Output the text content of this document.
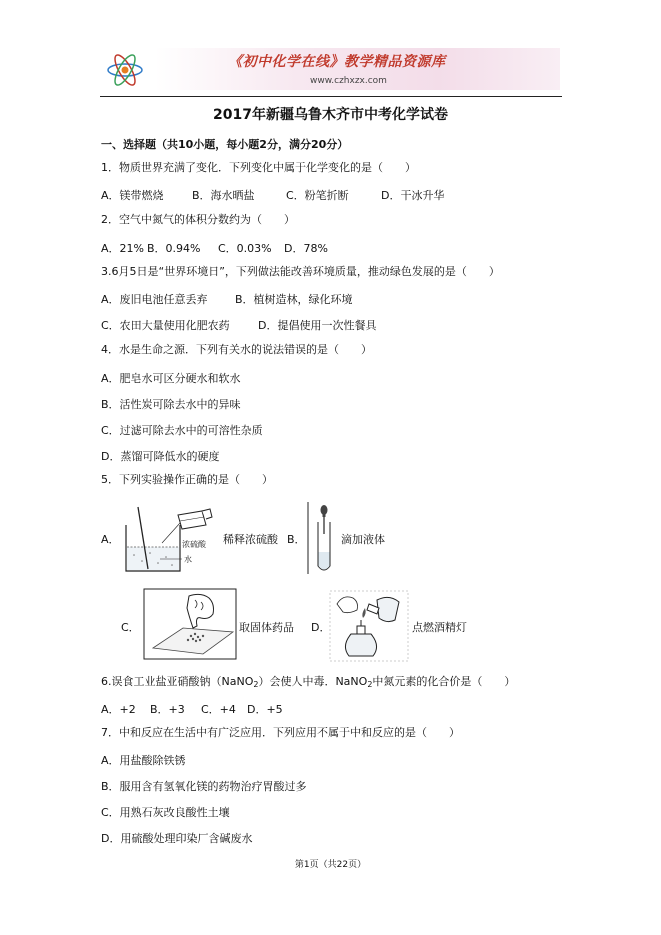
《初中化学在线》教学精品资源库
www.czhxzx.com
2017年新疆乌鲁木齐市中考化学试卷
一、选择题（共10小题，每小题2分，满分20分）
1．物质世界充满了变化．下列变化中属于化学变化的是（　　）
A．镁带燃烧	B．海水晒盐	C．粉笔折断	D．干冰升华
2．空气中氮气的体积分数约为（　　）
A．21% B．0.94% C．0.03% D．78%
3.6月5日是“世界环境日”，下列做法能改善环境质量，推动绿色发展的是（　　）
A．废旧电池任意丢弃 B．植树造林，绿化环境
C．农田大量使用化肥农药	D．提倡使用一次性餐具
4．水是生命之源．下列有关水的说法错误的是（　　）
A．肥皂水可区分硬水和软水
B．活性炭可除去水中的异味
C．过滤可除去水中的可溶性杂质
D．蒸馏可降低水的硬度
5．下列实验操作正确的是（　　）
A．	浓硫酸
水
稀释浓硫酸 B．	滴加液体
C．	取固体药品 D．	点燃酒精灯
6.误食工业盐亚硝酸钠（NaNO$_2$）会使人中毒．NaNO$_2$中氮元素的化合价是（　　）
A．+2 B．+3 C．+4 D．+5
7．中和反应在生活中有广泛应用．下列应用不属于中和反应的是（　　）
A．用盐酸除铁锈
B．服用含有氢氧化镁的药物治疗胃酸过多
C．用熟石灰改良酸性土壤
D．用硫酸处理印染厂含碱废水
第1页（共22页）
